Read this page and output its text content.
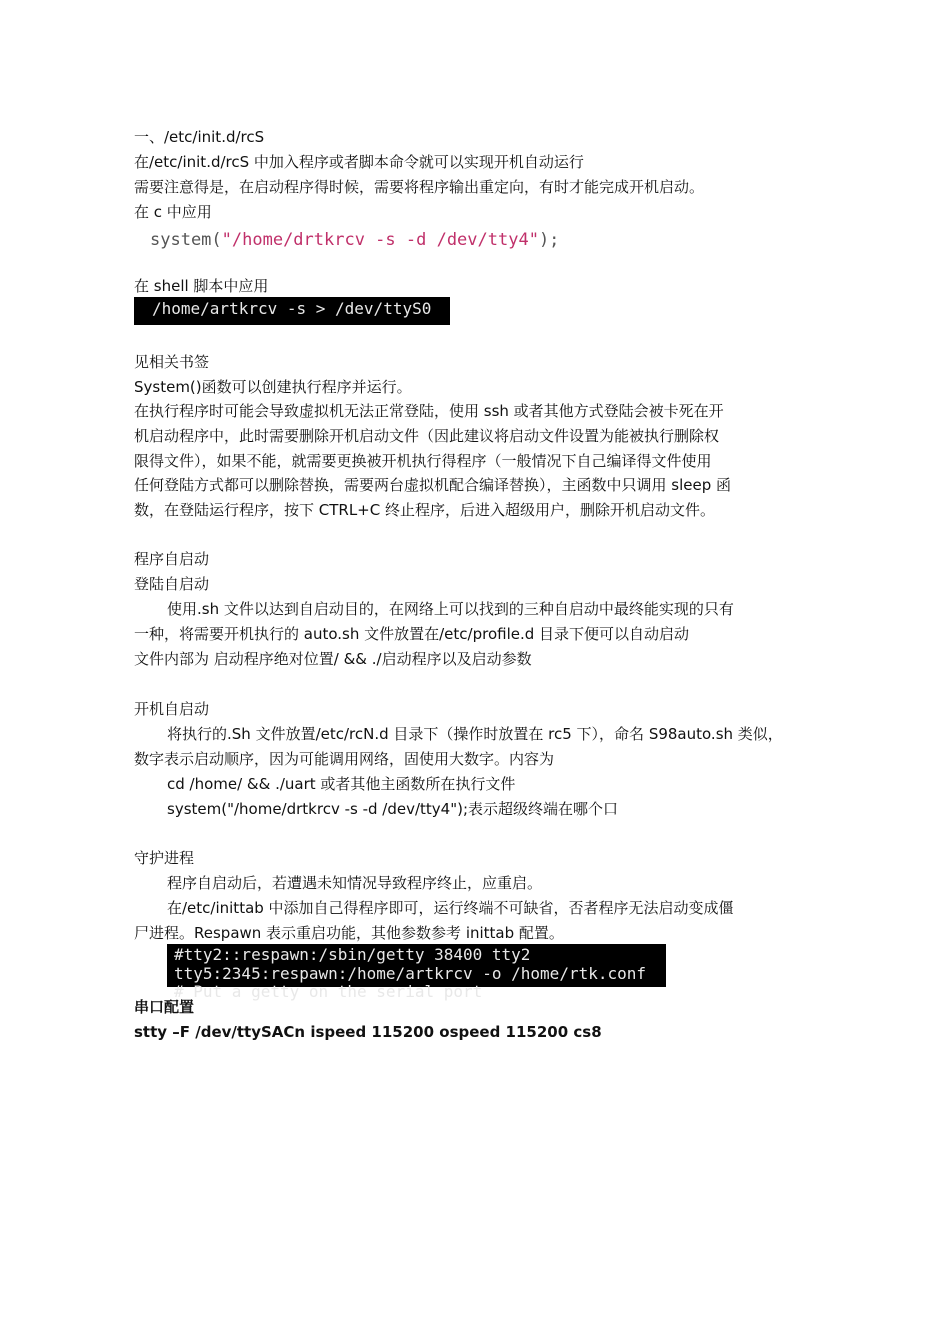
一、/etc/init.d/rcS
在/etc/init.d/rcS 中加入程序或者脚本命令就可以实现开机自动运行
需要注意得是，在启动程序得时候，需要将程序输出重定向，有时才能完成开机启动。
在 c 中应用
system("/home/drtkrcv -s -d /dev/tty4");
在 shell 脚本中应用
/home/artkrcv -s > /dev/ttyS0
见相关书签
System()函数可以创建执行程序并运行。
在执行程序时可能会导致虚拟机无法正常登陆，使用 ssh 或者其他方式登陆会被卡死在开
机启动程序中，此时需要删除开机启动文件（因此建议将启动文件设置为能被执行删除权
限得文件），如果不能，就需要更换被开机执行得程序（一般情况下自己编译得文件使用
任何登陆方式都可以删除替换，需要两台虚拟机配合编译替换），主函数中只调用 sleep 函
数，在登陆运行程序，按下 CTRL+C 终止程序，后进入超级用户，删除开机启动文件。
程序自启动
登陆自启动
使用.sh 文件以达到自启动目的，在网络上可以找到的三种自启动中最终能实现的只有
一种，将需要开机执行的 auto.sh 文件放置在/etc/profile.d 目录下便可以自动启动
文件内部为 启动程序绝对位置/ && ./启动程序以及启动参数
开机自启动
将执行的.Sh 文件放置/etc/rcN.d 目录下（操作时放置在 rc5 下），命名 S98auto.sh 类似，
数字表示启动顺序，因为可能调用网络，固使用大数字。内容为
cd /home/ && ./uart 或者其他主函数所在执行文件
system("/home/drtkrcv -s -d /dev/tty4");表示超级终端在哪个口
守护进程
程序自启动后，若遭遇未知情况导致程序终止，应重启。
在/etc/inittab 中添加自己得程序即可，运行终端不可缺省，否者程序无法启动变成僵
尸进程。Respawn 表示重启功能，其他参数参考 inittab 配置。
#tty2::respawn:/sbin/getty 38400 tty2
tty5:2345:respawn:/home/artkrcv -o /home/rtk.conf
# Put a getty on the serial port
串口配置
stty –F /dev/ttySACn ispeed 115200 ospeed 115200 cs8
